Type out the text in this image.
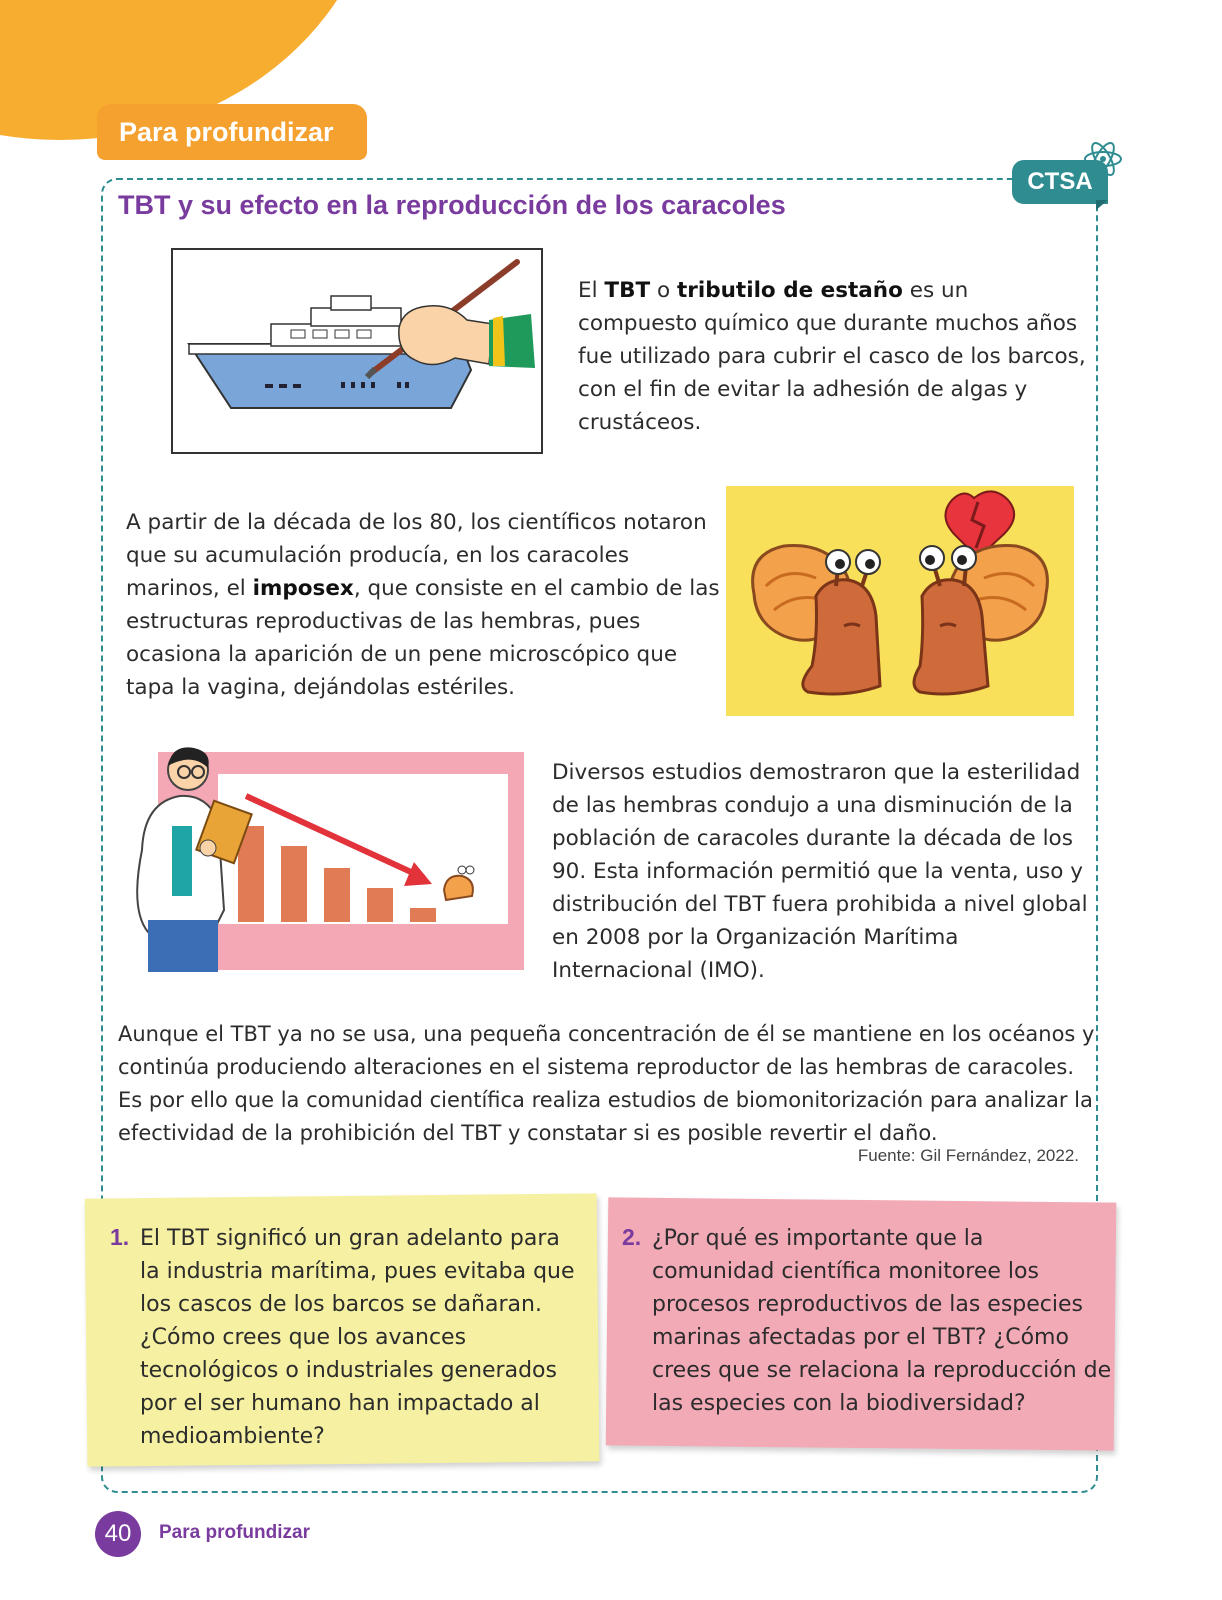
Para profundizar
CTSA
TBT y su efecto en la reproducción de los caracoles

El TBT o tributilo de estaño es un compuesto químico que durante muchos años fue utilizado para cubrir el casco de los barcos, con el fin de evitar la adhesión de algas y crustáceos.

A partir de la década de los 80, los científicos notaron que su acumulación producía, en los caracoles marinos, el imposex, que consiste en el cambio de las estructuras reproductivas de las hembras, pues ocasiona la aparición de un pene microscópico que tapa la vagina, dejándolas estériles.

Diversos estudios demostraron que la esterilidad de las hembras condujo a una disminución de la población de caracoles durante la década de los 90. Esta información permitió que la venta, uso y distribución del TBT fuera prohibida a nivel global en 2008 por la Organización Marítima Internacional (IMO).

Aunque el TBT ya no se usa, una pequeña concentración de él se mantiene en los océanos y continúa produciendo alteraciones en el sistema reproductor de las hembras de caracoles. Es por ello que la comunidad científica realiza estudios de biomonitorización para analizar la efectividad de la prohibición del TBT y constatar si es posible revertir el daño.

Fuente: Gil Fernández, 2022.

1. El TBT significó un gran adelanto para la industria marítima, pues evitaba que los cascos de los barcos se dañaran. ¿Cómo crees que los avances tecnológicos o industriales generados por el ser humano han impactado al medioambiente?

2. ¿Por qué es importante que la comunidad científica monitoree los procesos reproductivos de las especies marinas afectadas por el TBT? ¿Cómo crees que se relaciona la reproducción de las especies con la biodiversidad?

40	Para profundizar
